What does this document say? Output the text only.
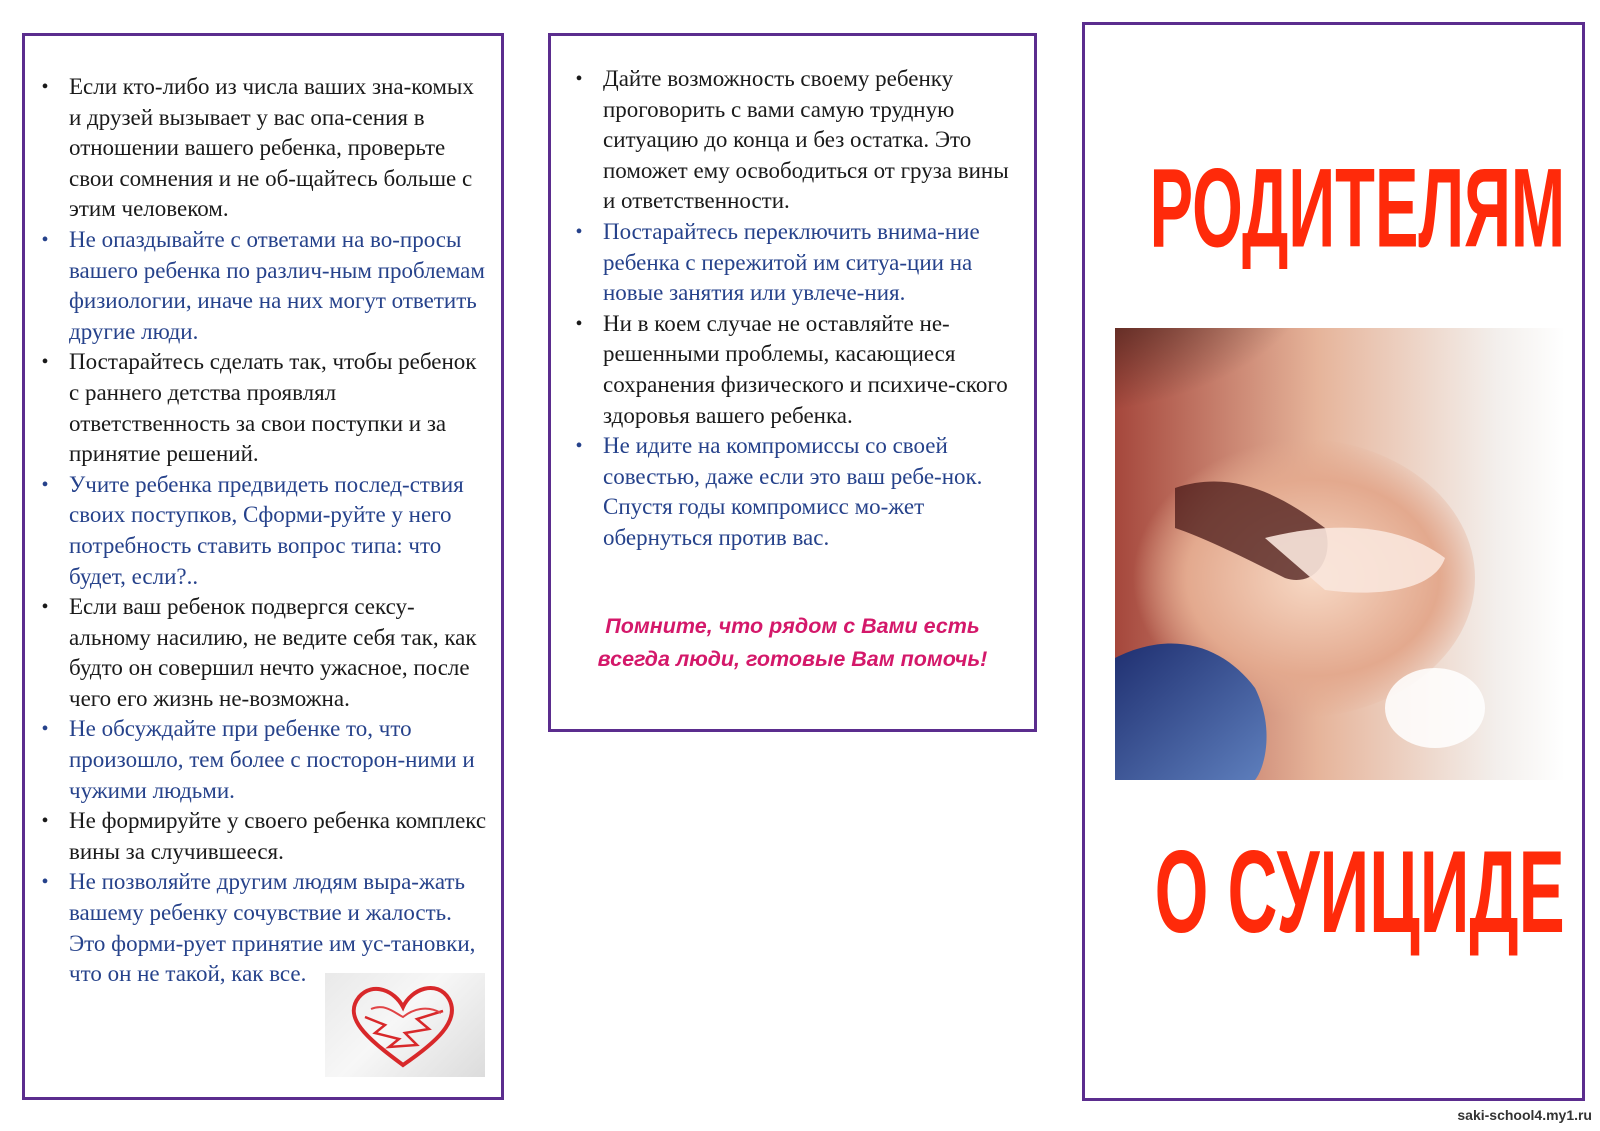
• Если кто-либо из числа ваших зна-комых и друзей вызывает у вас опа-сения в отношении вашего ребенка, проверьте свои сомнения и не об-щайтесь больше с этим человеком.
• Не опаздывайте с ответами на во-просы вашего ребенка по различ-ным проблемам физиологии, иначе на них могут ответить другие люди.
• Постарайтесь сделать так, чтобы ребенок с раннего детства проявлял ответственность за свои поступки и за принятие решений.
• Учите ребенка предвидеть послед-ствия своих поступков, Сформи-руйте у него потребность ставить вопрос типа: что будет, если?..
• Если ваш ребенок подвергся сексу-альному насилию, не ведите себя так, как будто он совершил нечто ужасное, после чего его жизнь не-возможна.
• Не обсуждайте при ребенке то, что произошло, тем более с посторон-ними и чужими людьми.
• Не формируйте у своего ребенка комплекс вины за случившееся.
• Не позволяйте другим людям выра-жать вашему ребенку сочувствие и жалость. Это форми-рует принятие им ус-тановки, что он не такой, как все.
• Дайте возможность своему ребенку проговорить с вами самую трудную ситуацию до конца и без остатка. Это поможет ему освободиться от груза вины и ответственности.
• Постарайтесь переключить внима-ние ребенка с пережитой им ситуа-ции на новые занятия или увлече-ния.
• Ни в коем случае не оставляйте не-решенными проблемы, касающиеся сохранения физического и психиче-ского здоровья вашего ребенка.
• Не идите на компромиссы со своей совестью, даже если это ваш ребе-нок. Спустя годы компромисс мо-жет обернуться против вас.
Помните, что рядом с Вами есть
всегда люди, готовые Вам помочь!
РОДИТЕЛЯМ
О СУИЦИДЕ
saki-school4.my1.ru
